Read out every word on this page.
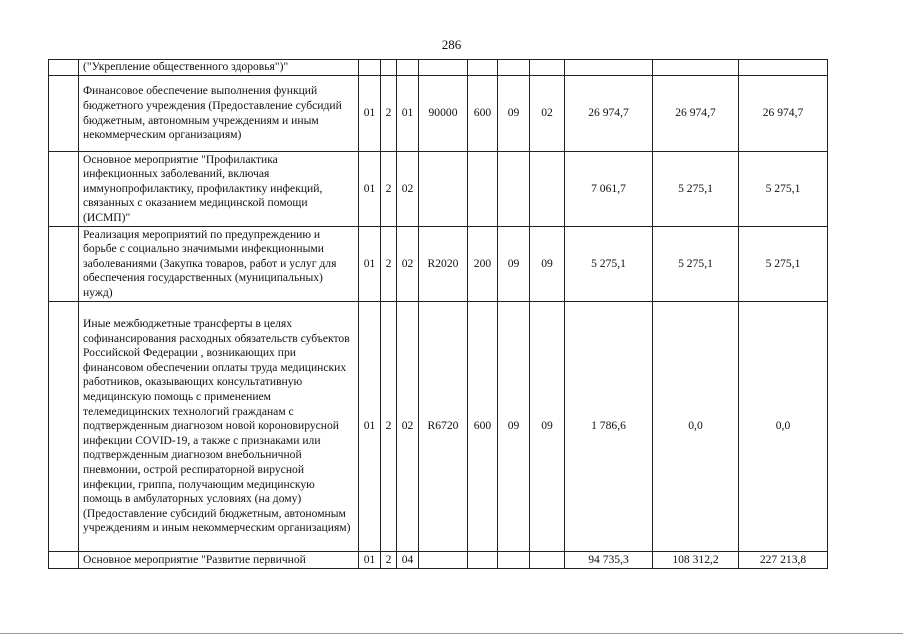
286
	("Укрепление общественного здоровья")"										
	Финансовое обеспечение выполнения функций бюджетного учреждения (Предоставление субсидий бюджетным, автономным учреждениям и иным некоммерческим организациям)	01	2	01	90000	600	09	02	26 974,7	26 974,7	26 974,7
	Основное мероприятие "Профилактика инфекционных заболеваний, включая иммунопрофилактику, профилактику инфекций, связанных с оказанием медицинской помощи (ИСМП)"	01	2	02					7 061,7	5 275,1	5 275,1
	Реализация мероприятий по предупреждению и борьбе с социально значимыми инфекционными заболеваниями (Закупка товаров, работ и услуг для обеспечения государственных (муниципальных) нужд)	01	2	02	R2020	200	09	09	5 275,1	5 275,1	5 275,1
	Иные межбюджетные трансферты в целях софинансирования расходных обязательств субъектов Российской Федерации , возникающих при финансовом обеспечении оплаты труда медицинских работников, оказывающих консультативную медицинскую помощь с применением телемедицинских технологий гражданам с подтвержденным диагнозом новой короновирусной инфекции COVID-19, а также с признаками или подтвержденным диагнозом внебольничной пневмонии, острой респираторной вирусной инфекции, гриппа, получающим медицинскую помощь в амбулаторных условиях (на дому) (Предоставление субсидий бюджетным, автономным учреждениям и иным некоммерческим организациям)	01	2	02	R6720	600	09	09	1 786,6	0,0	0,0
	Основное мероприятие "Развитие первичной	01	2	04					94 735,3	108 312,2	227 213,8
